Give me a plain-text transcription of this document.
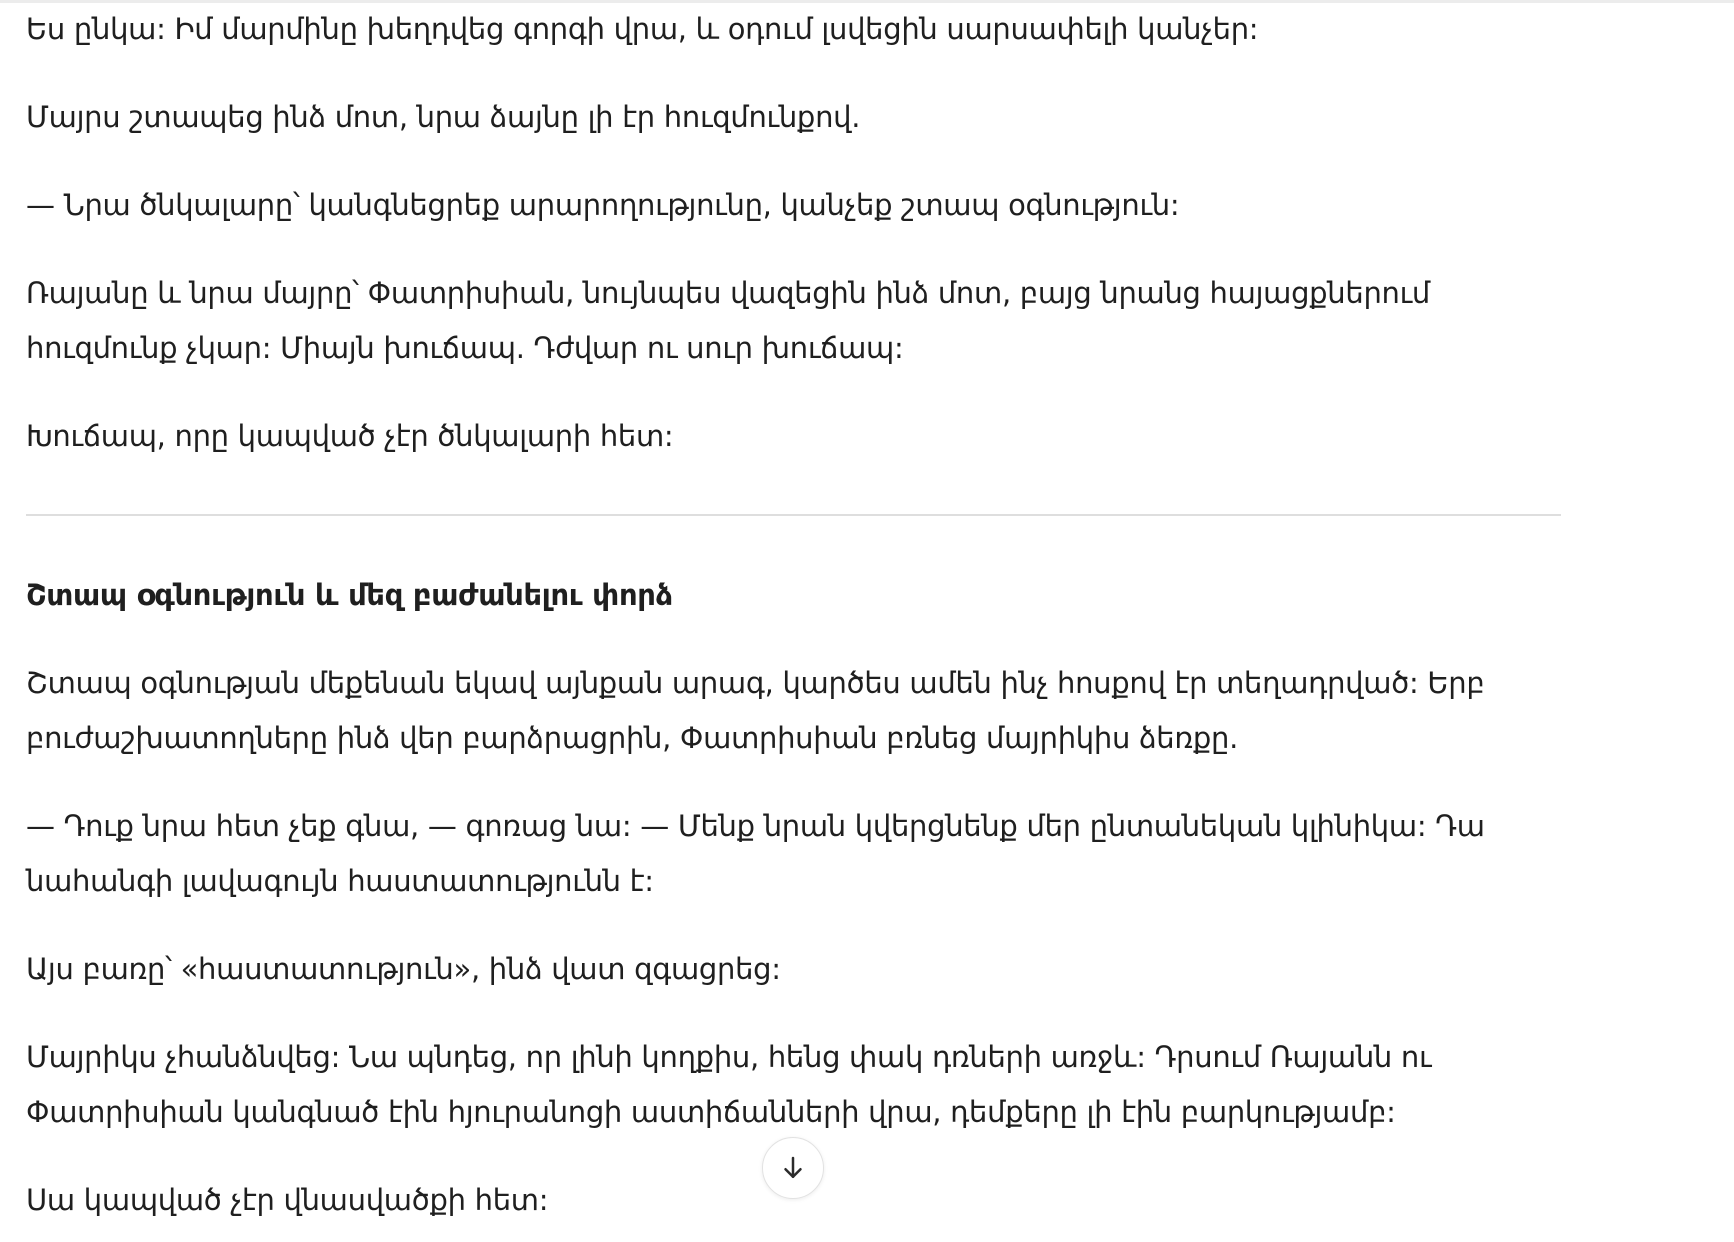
Ես ընկա: Իմ մարմինը խեղդվեց գորգի վրա, և օդում լսվեցին սարսափելի կանչեր:

Մայրս շտապեց ինձ մոտ, նրա ձայնը լի էր հուզմունքով.

— Նրա ծնկալարը՝ կանգնեցրեք արարողությունը, կանչեք շտապ օգնություն:

Ռայանը և նրա մայրը՝ Փատրիսիան, նույնպես վազեցին ինձ մոտ, բայց նրանց հայացքներում

հուզմունք չկար: Միայն խուճապ. Դժվար ու սուր խուճապ:

Խուճապ, որը կապված չէր ծնկալարի հետ:

Շտապ օգնություն և մեզ բաժանելու փորձ

Շտապ օգնության մեքենան եկավ այնքան արագ, կարծես ամեն ինչ հոսքով էր տեղադրված: Երբ

բուժաշխատողները ինձ վեր բարձրացրին, Փատրիսիան բռնեց մայրիկիս ձեռքը.

— Դուք նրա հետ չեք գնա, — գոռաց նա: — Մենք նրան կվերցնենք մեր ընտանեկան կլինիկա: Դա

նահանգի լավագույն հաստատությունն է:

Այս բառը՝ «հաստատություն», ինձ վատ զգացրեց:

Մայրիկս չհանձնվեց: Նա պնդեց, որ լինի կողքիս, հենց փակ դռների առջև: Դրսում Ռայանն ու

Փատրիսիան կանգնած էին հյուրանոցի աստիճանների վրա, դեմքերը լի էին բարկությամբ:

Սա կապված չէր վնասվածքի հետ:
